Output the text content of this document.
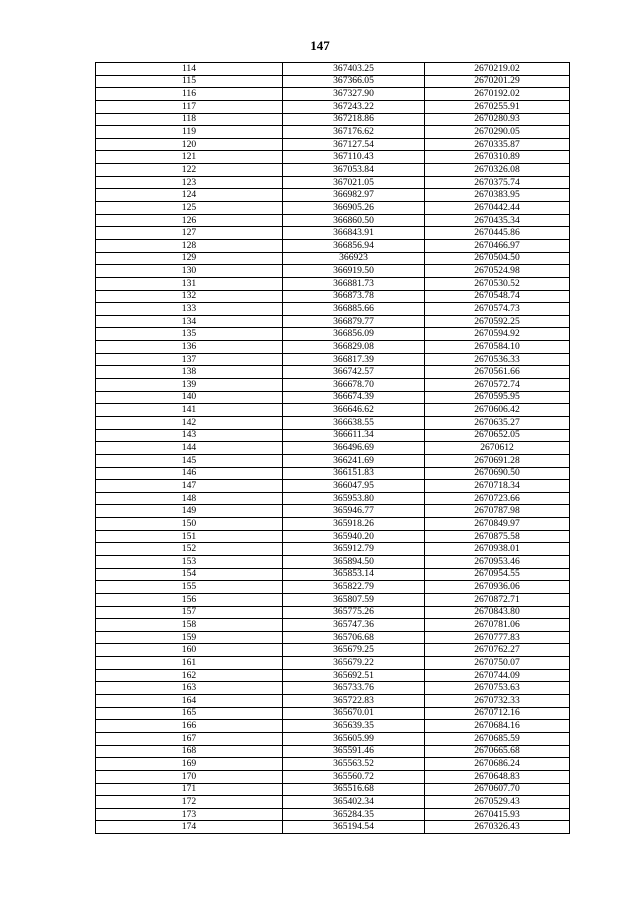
147
114	367403.25	2670219.02
115	367366.05	2670201.29
116	367327.90	2670192.02
117	367243.22	2670255.91
118	367218.86	2670280.93
119	367176.62	2670290.05
120	367127.54	2670335.87
121	367110.43	2670310.89
122	367053.84	2670326.08
123	367021.05	2670375.74
124	366982.97	2670383.95
125	366905.26	2670442.44
126	366860.50	2670435.34
127	366843.91	2670445.86
128	366856.94	2670466.97
129	366923	2670504.50
130	366919.50	2670524.98
131	366881.73	2670530.52
132	366873.78	2670548.74
133	366885.66	2670574.73
134	366879.77	2670592.25
135	366856.09	2670594.92
136	366829.08	2670584.10
137	366817.39	2670536.33
138	366742.57	2670561.66
139	366678.70	2670572.74
140	366674.39	2670595.95
141	366646.62	2670606.42
142	366638.55	2670635.27
143	366611.34	2670652.05
144	366496.69	2670612
145	366241.69	2670691.28
146	366151.83	2670690.50
147	366047.95	2670718.34
148	365953.80	2670723.66
149	365946.77	2670787.98
150	365918.26	2670849.97
151	365940.20	2670875.58
152	365912.79	2670938.01
153	365894.50	2670953.46
154	365853.14	2670954.55
155	365822.79	2670936.06
156	365807.59	2670872.71
157	365775.26	2670843.80
158	365747.36	2670781.06
159	365706.68	2670777.83
160	365679.25	2670762.27
161	365679.22	2670750.07
162	365692.51	2670744.09
163	365733.76	2670753.63
164	365722.83	2670732.33
165	365670.01	2670712.16
166	365639.35	2670684.16
167	365605.99	2670685.59
168	365591.46	2670665.68
169	365563.52	2670686.24
170	365560.72	2670648.83
171	365516.68	2670607.70
172	365402.34	2670529.43
173	365284.35	2670415.93
174	365194.54	2670326.43
